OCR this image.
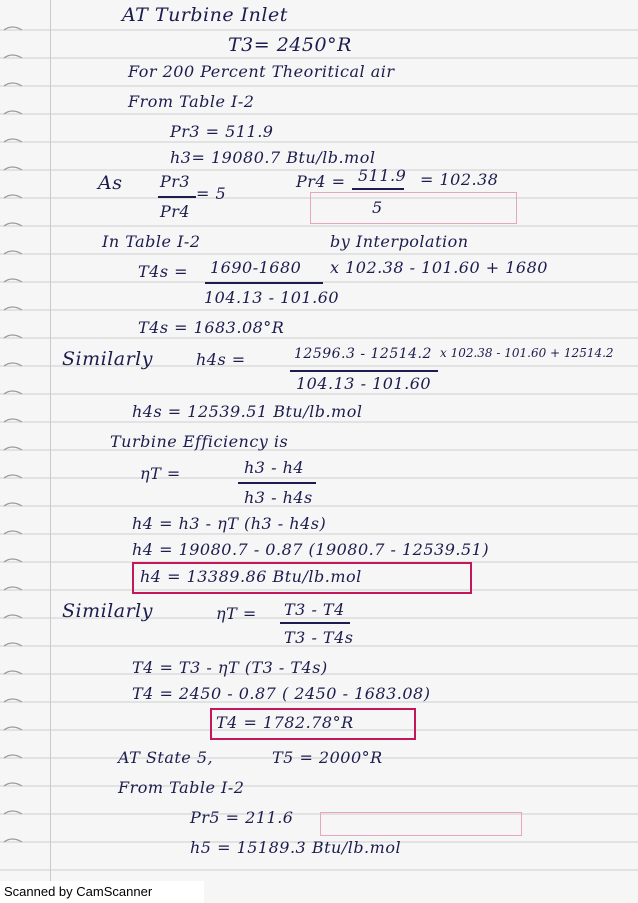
AT Turbine Inlet
T3= 2450°R
For 200 Percent Theoritical air
From Table I-2
Pr3 = 511.9
h3= 19080.7 Btu/lb.mol
As Pr3
= 5
Pr4 = 511.9 = 102.38
Pr4	5
In Table I-2	by Interpolation
T4s = 1690-1680 x 102.38 - 101.60 + 1680
104.13 - 101.60
T4s = 1683.08°R
Similarly	h4s =	12596.3 - 12514.2 x 102.38 - 101.60 + 12514.2
104.13 - 101.60
h4s = 12539.51 Btu/lb.mol
Turbine Efficiency is
ηT =	h3 - h4
h3 - h4s
h4 = h3 - ηT (h3 - h4s)
h4 = 19080.7 - 0.87 (19080.7 - 12539.51)
h4 = 13389.86 Btu/lb.mol
Similarly	ηT = T3 - T4
T3 - T4s
T4 = T3 - ηT (T3 - T4s)
T4 = 2450 - 0.87 ( 2450 - 1683.08)
T4 = 1782.78°R
AT State 5,	T5 = 2000°R
From Table I-2
Pr5 = 211.6
h5 = 15189.3 Btu/lb.mol
Scanned by CamScanner
